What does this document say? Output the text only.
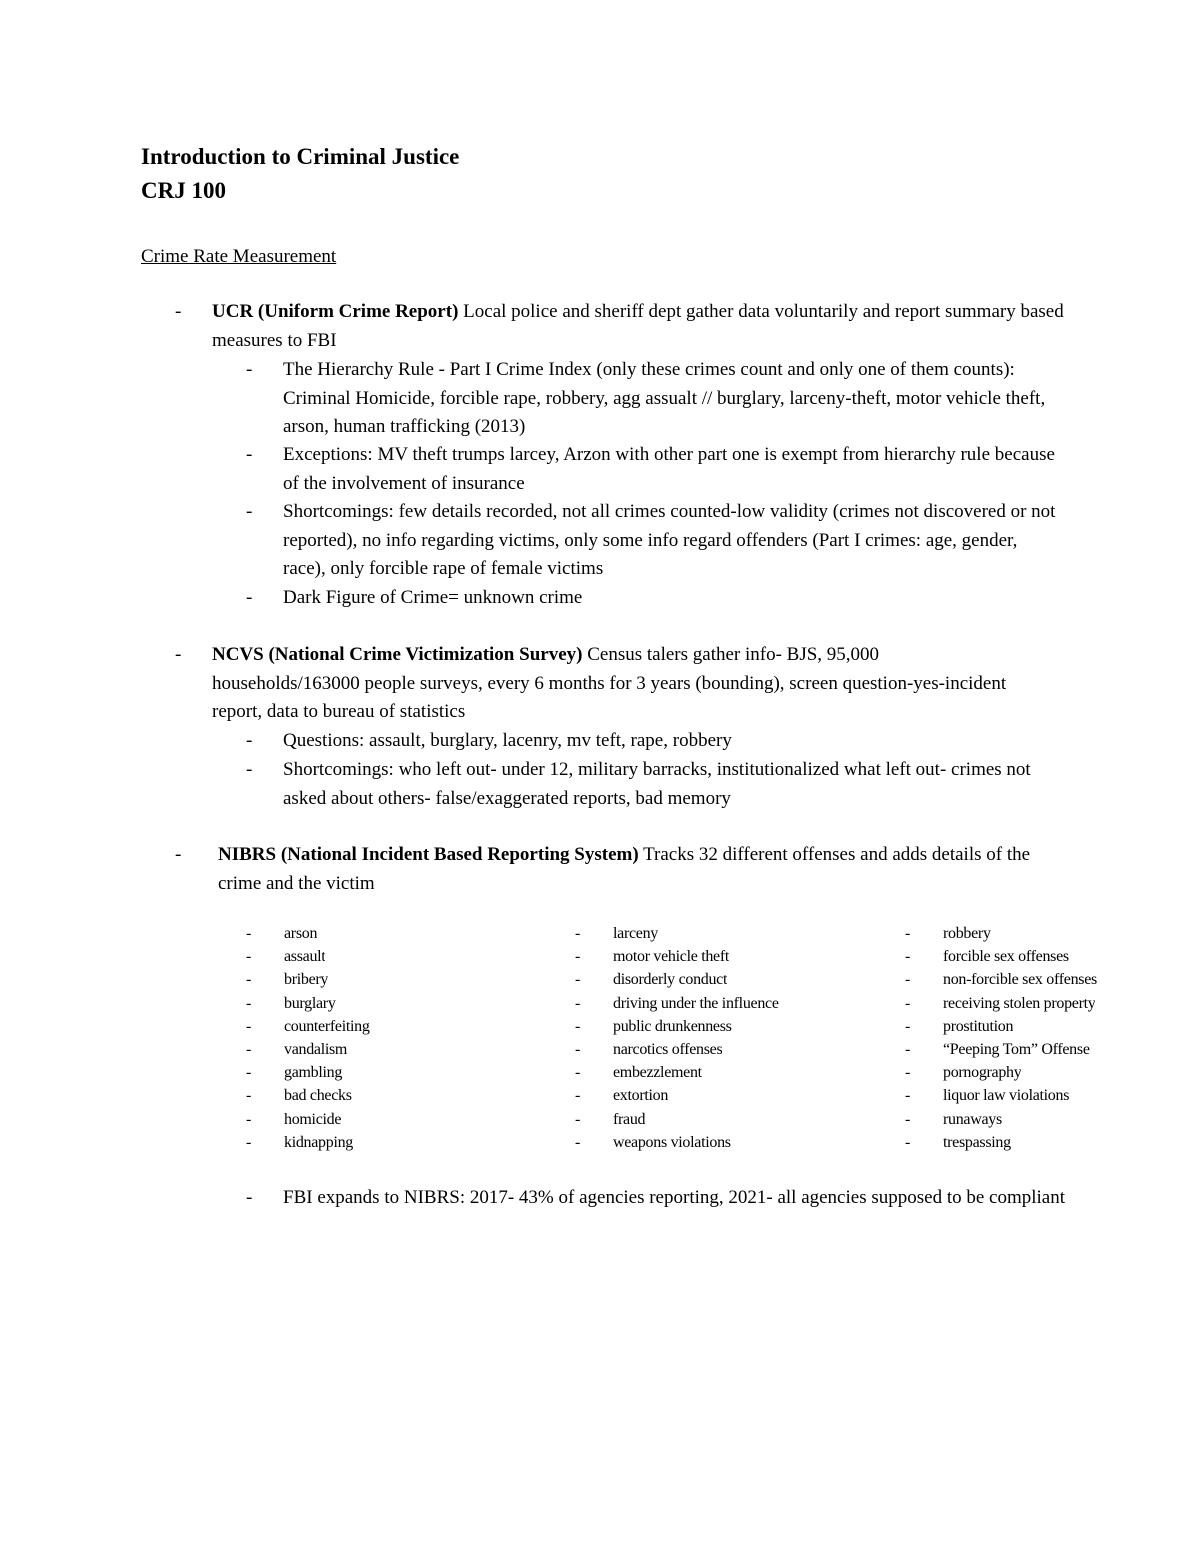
Introduction to Criminal Justice
CRJ 100
Crime Rate Measurement
- UCR (Uniform Crime Report) Local police and sheriff dept gather data voluntarily and report summary based measures to FBI
- The Hierarchy Rule - Part I Crime Index (only these crimes count and only one of them counts): Criminal Homicide, forcible rape, robbery, agg assualt // burglary, larceny-theft, motor vehicle theft, arson, human trafficking (2013)
- Exceptions: MV theft trumps larcey, Arzon with other part one is exempt from hierarchy rule because of the involvement of insurance
- Shortcomings: few details recorded, not all crimes counted-low validity (crimes not discovered or not reported), no info regarding victims, only some info regard offenders (Part I crimes: age, gender, race), only forcible rape of female victims
- Dark Figure of Crime= unknown crime
- NCVS (National Crime Victimization Survey) Census talers gather info- BJS, 95,000 households/163000 people surveys, every 6 months for 3 years (bounding), screen question-yes-incident report, data to bureau of statistics
- Questions: assault, burglary, lacenry, mv teft, rape, robbery
- Shortcomings: who left out- under 12, military barracks, institutionalized what left out- crimes not asked about others- false/exaggerated reports, bad memory
- NIBRS (National Incident Based Reporting System) Tracks 32 different offenses and adds details of the crime and the victim
- arson
- assault
- bribery
- burglary
- counterfeiting
- vandalism
- gambling
- bad checks
- homicide
- kidnapping
- larceny
- motor vehicle theft
- disorderly conduct
- driving under the influence
- public drunkenness
- narcotics offenses
- embezzlement
- extortion
- fraud
- weapons violations
- robbery
- forcible sex offenses
- non-forcible sex offenses
- receiving stolen property
- prostitution
- “Peeping Tom” Offense
- pornography
- liquor law violations
- runaways
- trespassing
- FBI expands to NIBRS: 2017- 43% of agencies reporting, 2021- all agencies supposed to be compliant
